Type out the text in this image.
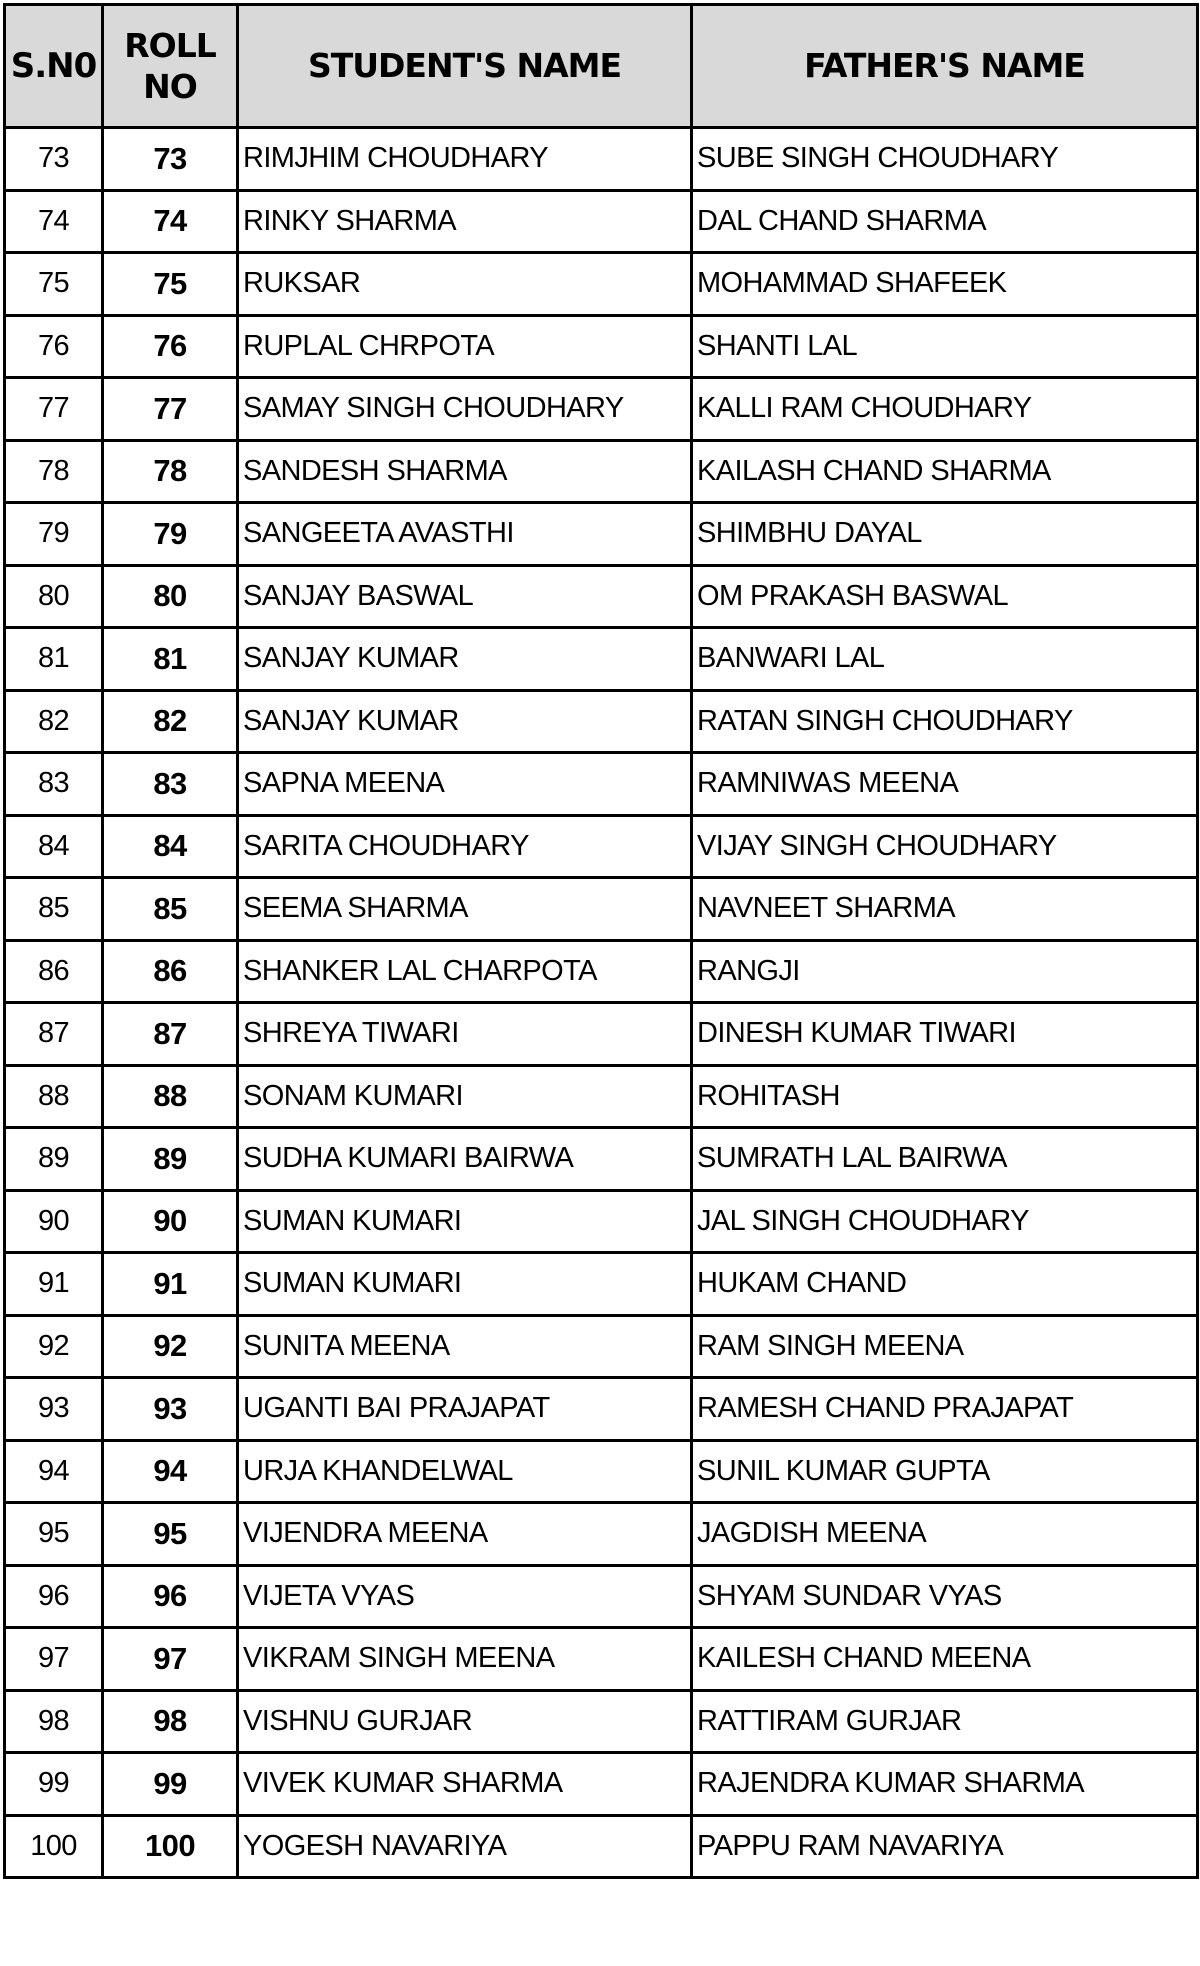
S.N0	ROLL NO	STUDENT'S NAME	FATHER'S NAME
73	73	RIMJHIM CHOUDHARY	SUBE SINGH CHOUDHARY
74	74	RINKY SHARMA	DAL CHAND SHARMA
75	75	RUKSAR	MOHAMMAD SHAFEEK
76	76	RUPLAL CHRPOTA	SHANTI LAL
77	77	SAMAY SINGH CHOUDHARY	KALLI RAM CHOUDHARY
78	78	SANDESH SHARMA	KAILASH CHAND SHARMA
79	79	SANGEETA AVASTHI	SHIMBHU DAYAL
80	80	SANJAY BASWAL	OM PRAKASH BASWAL
81	81	SANJAY KUMAR	BANWARI LAL
82	82	SANJAY KUMAR	RATAN SINGH CHOUDHARY
83	83	SAPNA MEENA	RAMNIWAS MEENA
84	84	SARITA CHOUDHARY	VIJAY SINGH CHOUDHARY
85	85	SEEMA SHARMA	NAVNEET SHARMA
86	86	SHANKER LAL CHARPOTA	RANGJI
87	87	SHREYA TIWARI	DINESH KUMAR TIWARI
88	88	SONAM KUMARI	ROHITASH
89	89	SUDHA KUMARI BAIRWA	SUMRATH LAL BAIRWA
90	90	SUMAN KUMARI	JAL SINGH CHOUDHARY
91	91	SUMAN KUMARI	HUKAM CHAND
92	92	SUNITA MEENA	RAM SINGH MEENA
93	93	UGANTI BAI PRAJAPAT	RAMESH CHAND PRAJAPAT
94	94	URJA KHANDELWAL	SUNIL KUMAR GUPTA
95	95	VIJENDRA MEENA	JAGDISH MEENA
96	96	VIJETA VYAS	SHYAM SUNDAR VYAS
97	97	VIKRAM SINGH MEENA	KAILESH CHAND MEENA
98	98	VISHNU GURJAR	RATTIRAM GURJAR
99	99	VIVEK KUMAR SHARMA	RAJENDRA KUMAR SHARMA
100	100	YOGESH NAVARIYA	PAPPU RAM NAVARIYA
